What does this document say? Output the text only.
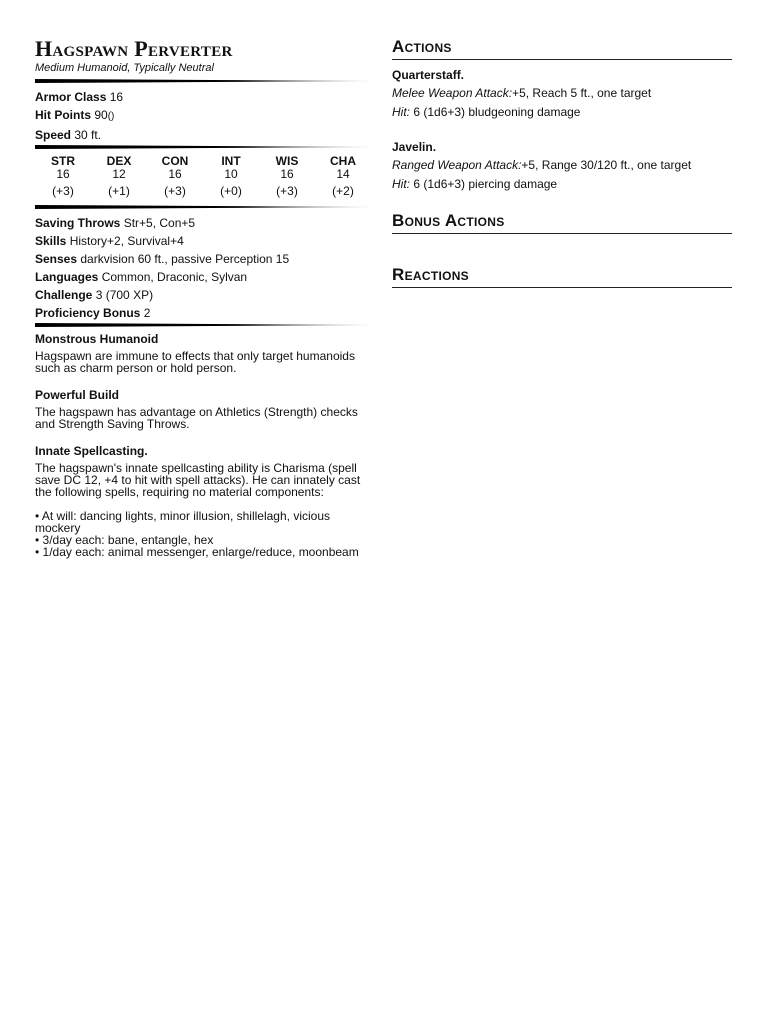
Hagspawn Perverter
Medium Humanoid, Typically Neutral
Armor Class 16
Hit Points 90()
Speed 30 ft.
STR
16
(+3)
DEX
12
(+1)
CON
16
(+3)
INT
10
(+0)
WIS
16
(+3)
CHA
14
(+2)
Saving Throws Str+5, Con+5
Skills History+2, Survival+4
Senses darkvision 60 ft., passive Perception 15
Languages Common, Draconic, Sylvan
Challenge 3 (700 XP)
Proficiency Bonus 2
Monstrous Humanoid

Hagspawn are immune to effects that only target humanoids such as charm person or hold person.

Powerful Build

The hagspawn has advantage on Athletics (Strength) checks and Strength Saving Throws.

Innate Spellcasting.

The hagspawn's innate spellcasting ability is Charisma (spell save DC 12, +4 to hit with spell attacks). He can innately cast the following spells, requiring no material components:

• At will: dancing lights, minor illusion, shillelagh, vicious mockery
• 3/day each: bane, entangle, hex
• 1/day each: animal messenger, enlarge/reduce, moonbeam
Actions
Quarterstaff.
Melee Weapon Attack:+5, Reach 5 ft., one target
Hit: 6 (1d6+3) bludgeoning damage
Javelin.
Ranged Weapon Attack:+5, Range 30/120 ft., one target
Hit: 6 (1d6+3) piercing damage
Bonus Actions
Reactions
